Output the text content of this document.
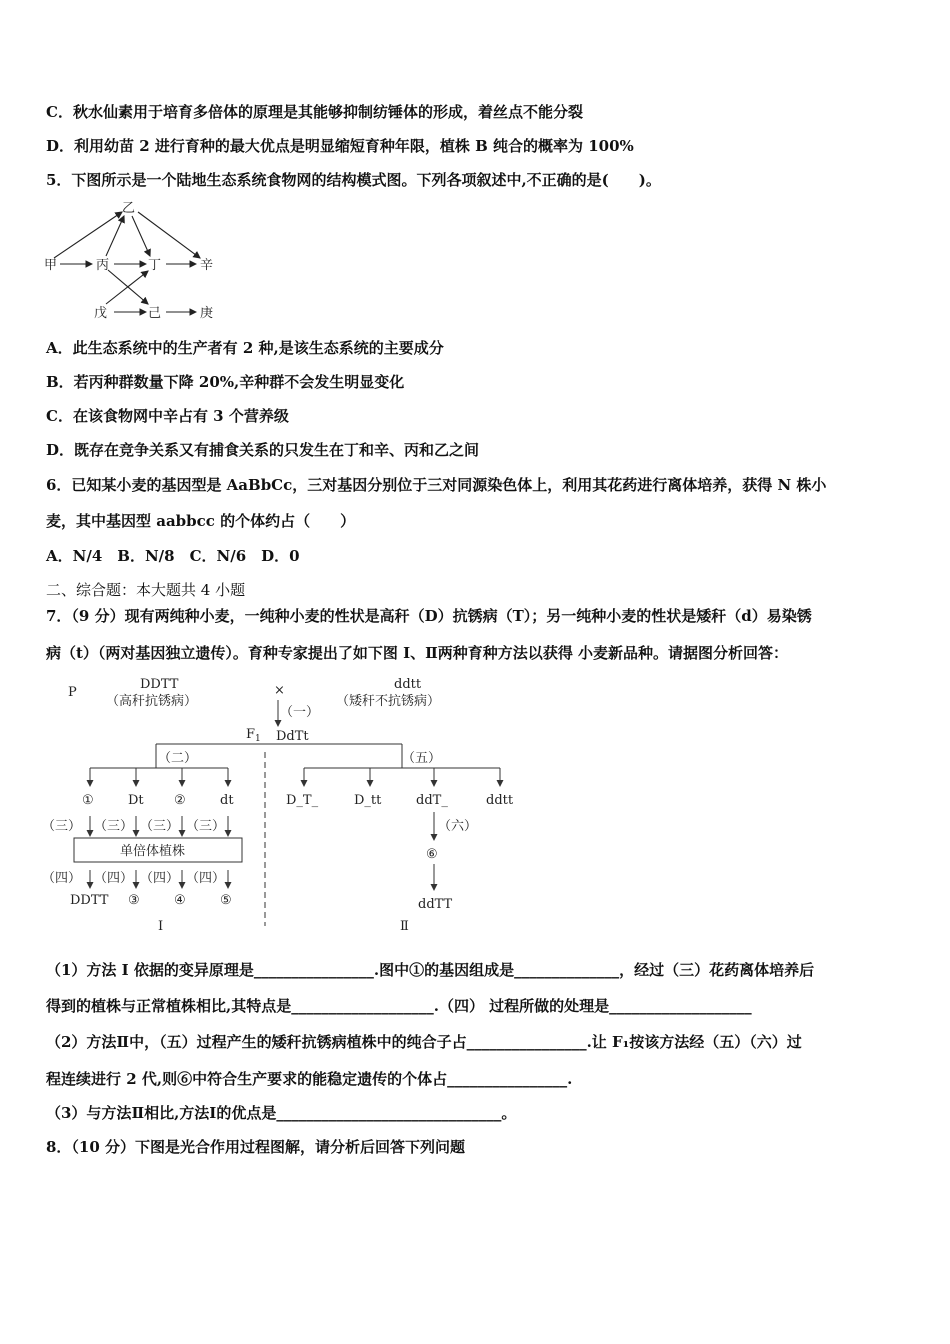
C．秋水仙素用于培育多倍体的原理是其能够抑制纺锤体的形成，着丝点不能分裂
D．利用幼苗 2 进行育种的最大优点是明显缩短育种年限，植株 B 纯合的概率为 100%
5．下图所示是一个陆地生态系统食物网的结构模式图。下列各项叙述中,不正确的是(　　)。
乙
甲	丙	丁	辛
戊	己	庚
A．此生态系统中的生产者有 2 种,是该生态系统的主要成分
B．若丙种群数量下降 20%,辛种群不会发生明显变化
C．在该食物网中辛占有 3 个营养级
D．既存在竞争关系又有捕食关系的只发生在丁和辛、丙和乙之间
6．已知某小麦的基因型是 AaBbCc，三对基因分别位于三对同源染色体上，利用其花药进行离体培养，获得 N 株小
麦，其中基因型 aabbcc 的个体约占（　　）
A．N/4　B．N/8　C．N/6　D．0
二、综合题：本大题共 4 小题
7．（9 分）现有两纯种小麦，一纯种小麦的性状是高秆（D）抗锈病（T）；另一纯种小麦的性状是矮秆（d）易染锈
病（t）（两对基因独立遗传）。育种专家提出了如下图 I、Ⅱ两种育种方法以获得 小麦新品种。请据图分析回答：
P
DDTT
（高秆抗锈病）
×	ddtt
（矮秆不抗锈病）
（一）
$F_1$ DdTt
（二）	（五）
①	Dt ②	dt	D_T_	D_tt	ddT_	ddtt
（三） （三） （三） （三）
单倍体植株
（四） （四） （四） （四）
DDTT ③	④	⑤
（六）
⑥
ddTT
Ⅰ	Ⅱ
（1）方法 I 依据的变异原理是________________.图中①的基因组成是______________，经过（三）花药离体培养后
得到的植株与正常植株相比,其特点是___________________.（四） 过程所做的处理是___________________
（2）方法Ⅱ中，（五）过程产生的矮秆抗锈病植株中的纯合子占________________.让 F₁按该方法经（五）（六）过
程连续进行 2 代,则⑥中符合生产要求的能稳定遗传的个体占________________.
（3）与方法Ⅱ相比,方法Ⅰ的优点是______________________________。
8．（10 分）下图是光合作用过程图解，请分析后回答下列问题
